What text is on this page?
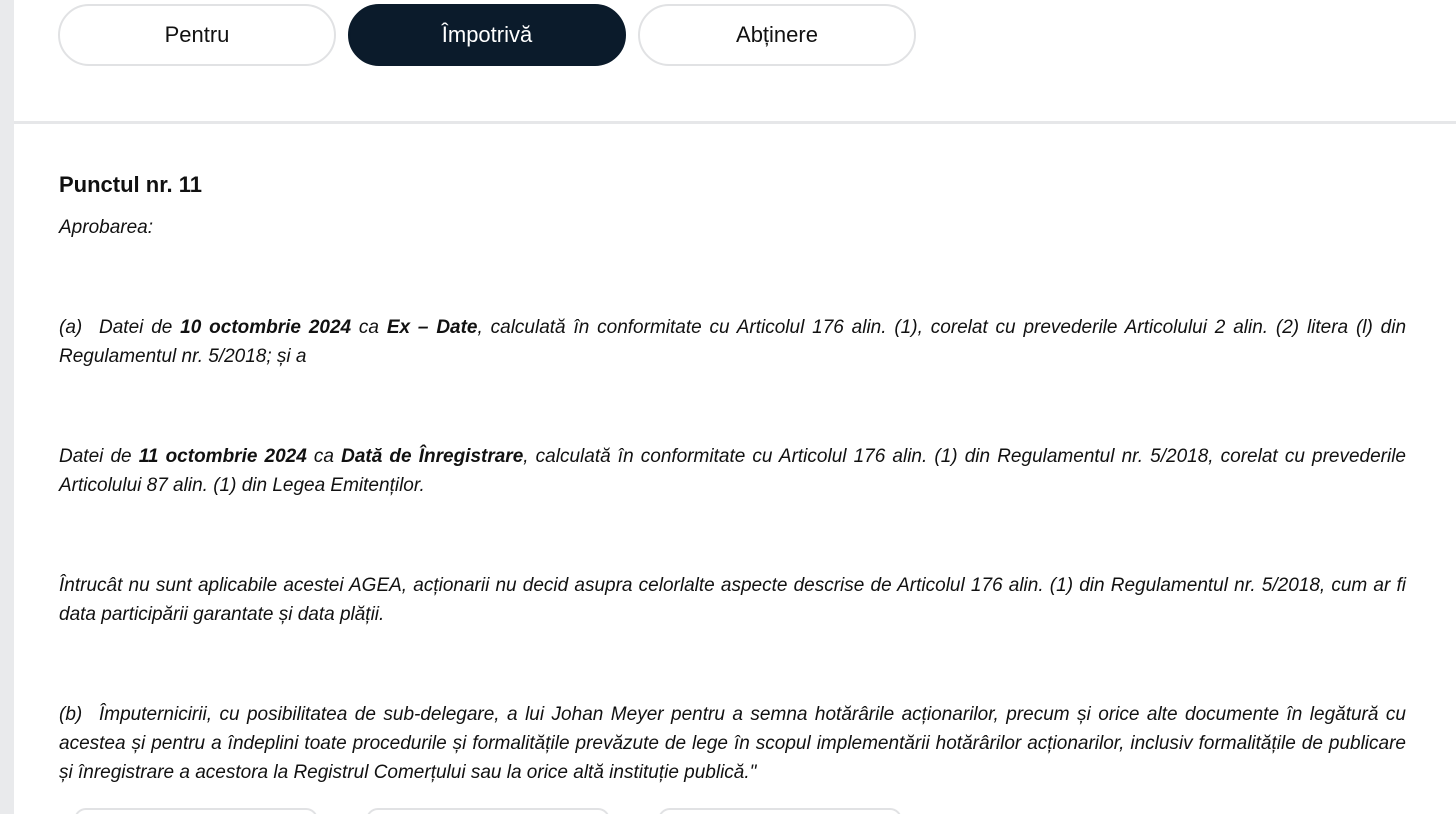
Pentru	Împotrivă	Abținere
Punctul nr. 11

Aprobarea:

(a) Datei de 10 octombrie 2024 ca Ex – Date, calculată în conformitate cu Articolul 176 alin. (1), corelat cu prevederile Articolului 2 alin. (2) litera (l) din Regulamentul nr. 5/2018; și a

Datei de 11 octombrie 2024 ca Dată de Înregistrare, calculată în conformitate cu Articolul 176 alin. (1) din Regulamentul nr. 5/2018, corelat cu prevederile Articolului 87 alin. (1) din Legea Emitenților.

Întrucât nu sunt aplicabile acestei AGEA, acționarii nu decid asupra celorlalte aspecte descrise de Articolul 176 alin. (1) din Regulamentul nr. 5/2018, cum ar fi data participării garantate și data plății.

(b) Împuternicirii, cu posibilitatea de sub-delegare, a lui Johan Meyer pentru a semna hotărârile acționarilor, precum și orice alte documente în legătură cu acestea și pentru a îndeplini toate procedurile și formalitățile prevăzute de lege în scopul implementării hotărârilor acționarilor, inclusiv formalitățile de publicare și înregistrare a acestora la Registrul Comerțului sau la orice altă instituție publică."
